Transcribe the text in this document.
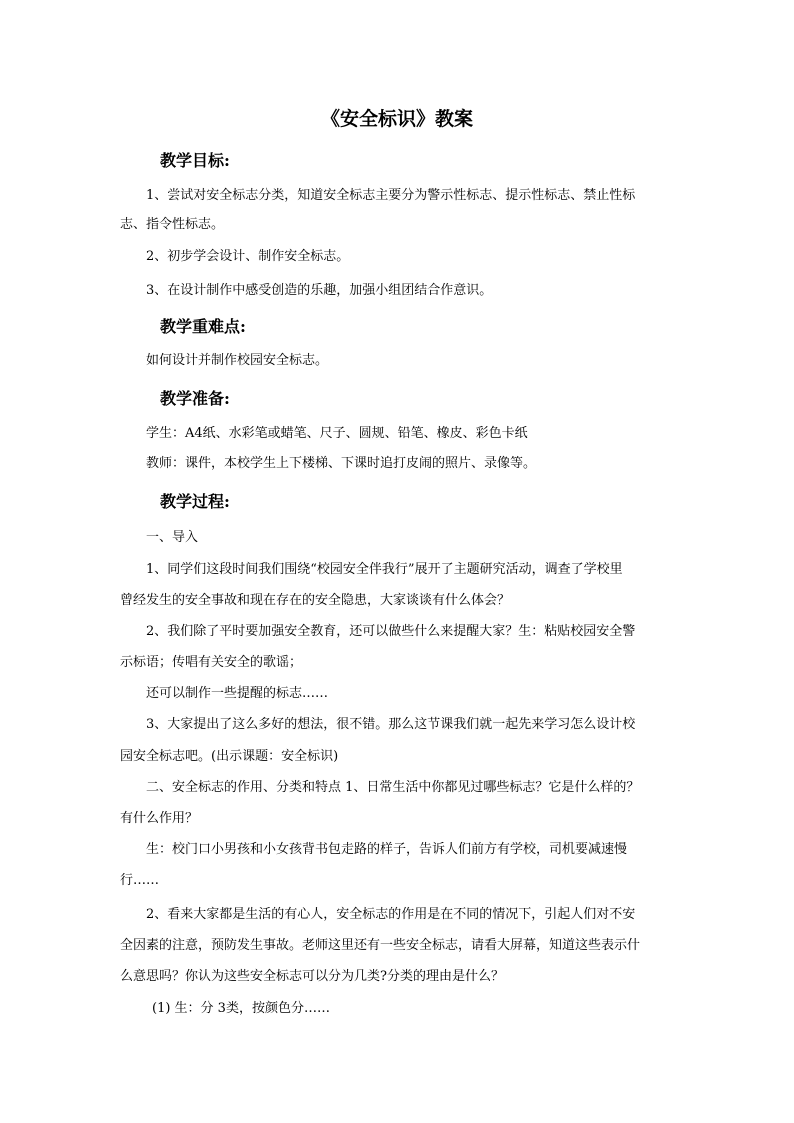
《安全标识》教案
教学目标:
1、尝试对安全标志分类，知道安全标志主要分为警示性标志、提示性标志、禁止性标
志、指令性标志。
2、初步学会设计、制作安全标志。
3、在设计制作中感受创造的乐趣，加强小组团结合作意识。
教学重难点:
如何设计并制作校园安全标志。
教学准备:
学生：A4纸、水彩笔或蜡笔、尺子、圆规、铅笔、橡皮、彩色卡纸
教师：课件，本校学生上下楼梯、下课时追打皮闹的照片、录像等。
教学过程:
一、导入
1、同学们这段时间我们围绕“校园安全伴我行”展开了主题研究活动，调查了学校里
曾经发生的安全事故和现在存在的安全隐患，大家谈谈有什么体会？
2、我们除了平时要加强安全教育，还可以做些什么来提醒大家？生：粘贴校园安全警
示标语；传唱有关安全的歌谣；
还可以制作一些提醒的标志……
3、大家提出了这么多好的想法，很不错。那么这节课我们就一起先来学习怎么设计校
园安全标志吧。(出示课题：安全标识)
二、安全标志的作用、分类和特点 1、日常生活中你都见过哪些标志？它是什么样的？
有什么作用？
生：校门口小男孩和小女孩背书包走路的样子，告诉人们前方有学校，司机要减速慢
行……
2、看来大家都是生活的有心人，安全标志的作用是在不同的情况下，引起人们对不安
全因素的注意，预防发生事故。老师这里还有一些安全标志，请看大屏幕，知道这些表示什
么意思吗？你认为这些安全标志可以分为几类?分类的理由是什么？
(1) 生：分 3类，按颜色分……
